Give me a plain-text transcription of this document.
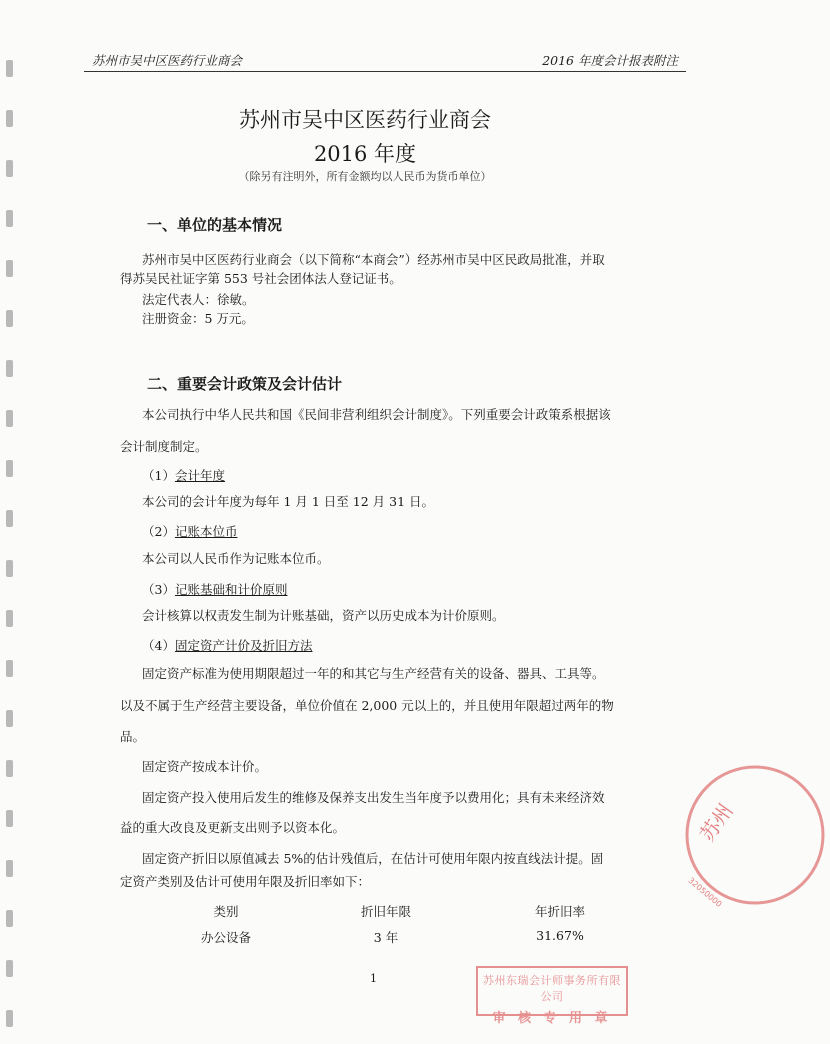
苏州市吴中区医药行业商会	2016 年度会计报表附注
苏州市吴中区医药行业商会
2016 年度
（除另有注明外，所有金额均以人民币为货币单位）
一、单位的基本情况
苏州市吴中区医药行业商会（以下简称“本商会”）经苏州市吴中区民政局批准，并取
得苏吴民社证字第 553 号社会团体法人登记证书。
法定代表人：徐敏。
注册资金：5 万元。
二、重要会计政策及会计估计
本公司执行中华人民共和国《民间非营利组织会计制度》。下列重要会计政策系根据该
会计制度制定。
（1）会计年度
本公司的会计年度为每年 1 月 1 日至 12 月 31 日。
（2）记账本位币
本公司以人民币作为记账本位币。
（3）记账基础和计价原则
会计核算以权责发生制为计账基础，资产以历史成本为计价原则。
（4）固定资产计价及折旧方法
固定资产标准为使用期限超过一年的和其它与生产经营有关的设备、器具、工具等。
以及不属于生产经营主要设备，单位价值在 2,000 元以上的，并且使用年限超过两年的物
品。
固定资产按成本计价。
固定资产投入使用后发生的维修及保养支出发生当年度予以费用化；具有未来经济效
益的重大改良及更新支出则予以资本化。
固定资产折旧以原值减去 5%的估计残值后，在估计可使用年限内按直线法计提。固
定资产类别及估计可使用年限及折旧率如下：
类别	折旧年限	年折旧率
办公设备	3 年	31.67%
1	苏州东瑞会计师事务所有限公司
审 核 专 用 章
苏州
32050000
